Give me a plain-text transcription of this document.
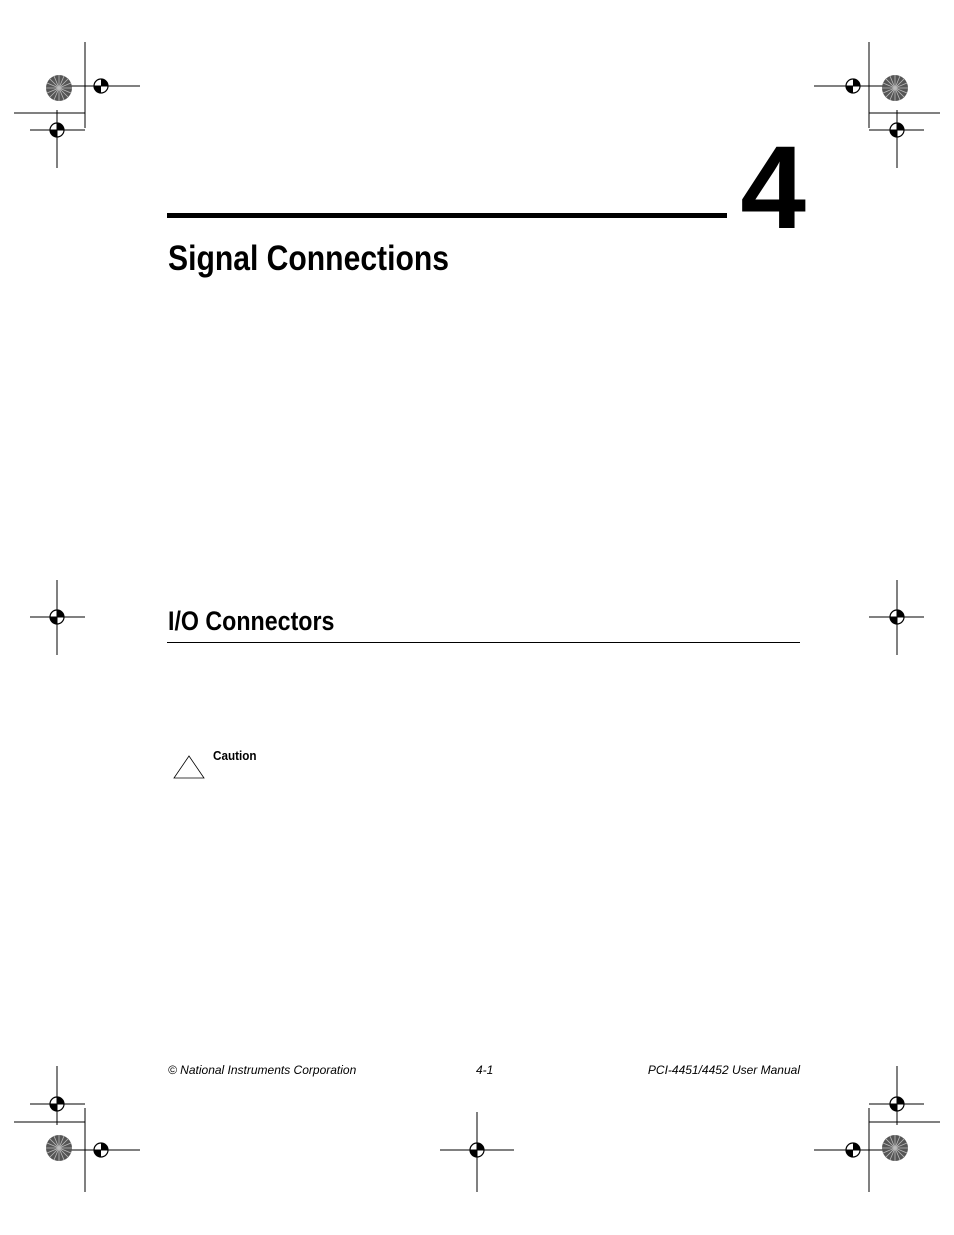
4
Signal Connections
I/O Connectors
Caution
© National Instruments Corporation	4-1	PCI-4451/4452 User Manual
